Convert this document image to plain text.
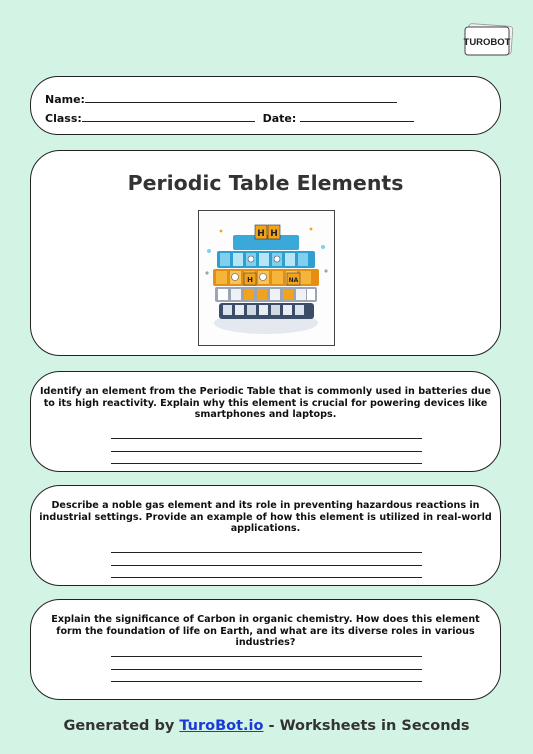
TUROBOT
Name:
Class:	Date:
Periodic Table Elements
H H
H	NA
Identify an element from the Periodic Table that is commonly used in batteries due to its high reactivity. Explain why this element is crucial for powering devices like smartphones and laptops.
Describe a noble gas element and its role in preventing hazardous reactions in industrial settings. Provide an example of how this element is utilized in real-world applications.
Explain the significance of Carbon in organic chemistry. How does this element form the foundation of life on Earth, and what are its diverse roles in various industries?
Generated by TuroBot.io - Worksheets in Seconds
